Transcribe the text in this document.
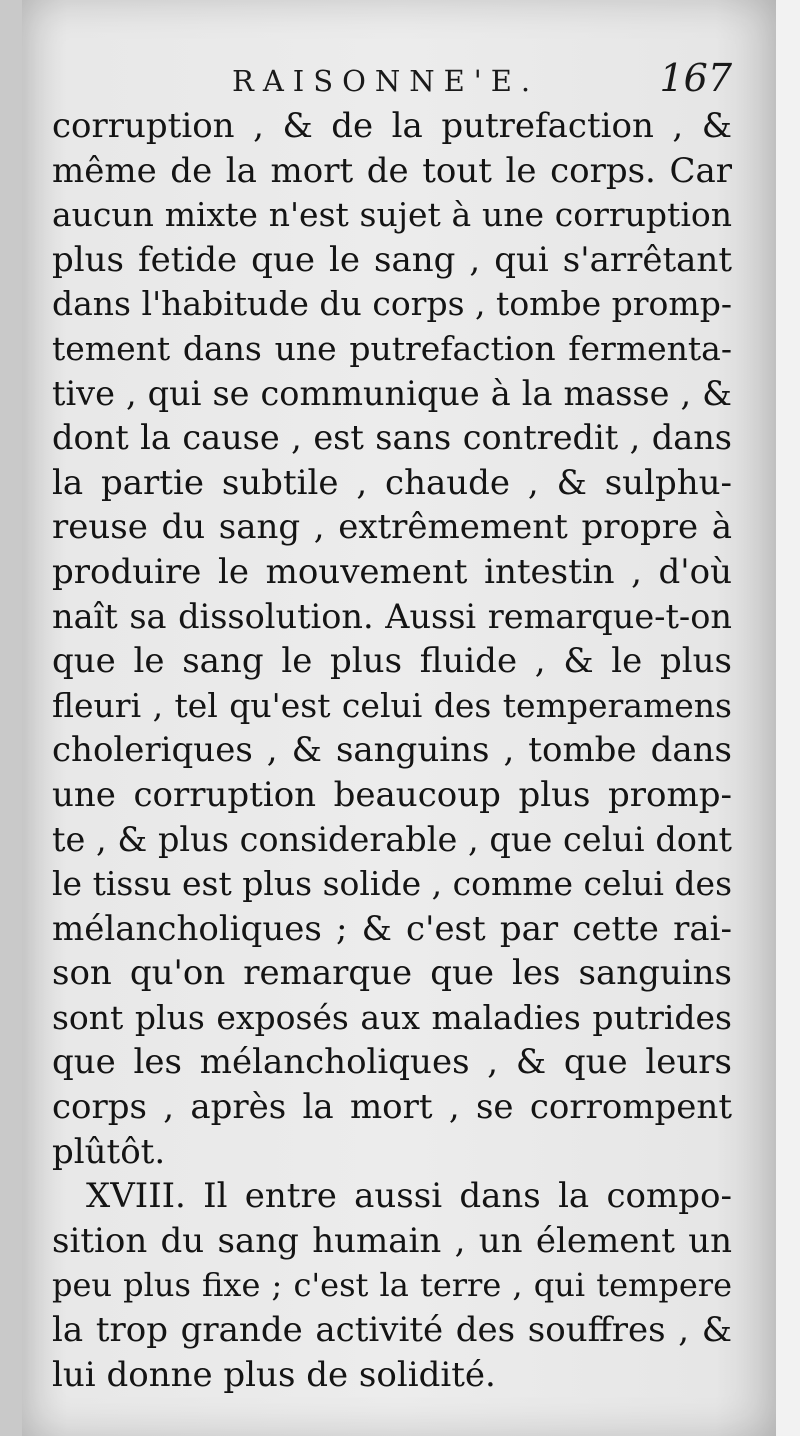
RAISONNE'E.	167
corruption , & de la putrefaction , &
même de la mort de tout le corps. Car
aucun mixte n'est sujet à une corruption
plus fetide que le sang , qui s'arrêtant
dans l'habitude du corps , tombe promp-
tement dans une putrefaction fermenta-
tive , qui se communique à la masse , &
dont la cause , est sans contredit , dans
la partie subtile , chaude , & sulphu-
reuse du sang , extrêmement propre à
produire le mouvement intestin , d'où
naît sa dissolution. Aussi remarque-t-on
que le sang le plus fluide , & le plus
fleuri , tel qu'est celui des temperamens
choleriques , & sanguins , tombe dans
une corruption beaucoup plus promp-
te , & plus considerable , que celui dont
le tissu est plus solide , comme celui des
mélancholiques ; & c'est par cette rai-
son qu'on remarque que les sanguins
sont plus exposés aux maladies putrides
que les mélancholiques , & que leurs
corps , après la mort , se corrompent
plûtôt.
XVIII. Il entre aussi dans la compo-
sition du sang humain , un élement un
peu plus fixe ; c'est la terre , qui tempere
la trop grande activité des souffres , &
lui donne plus de solidité.
